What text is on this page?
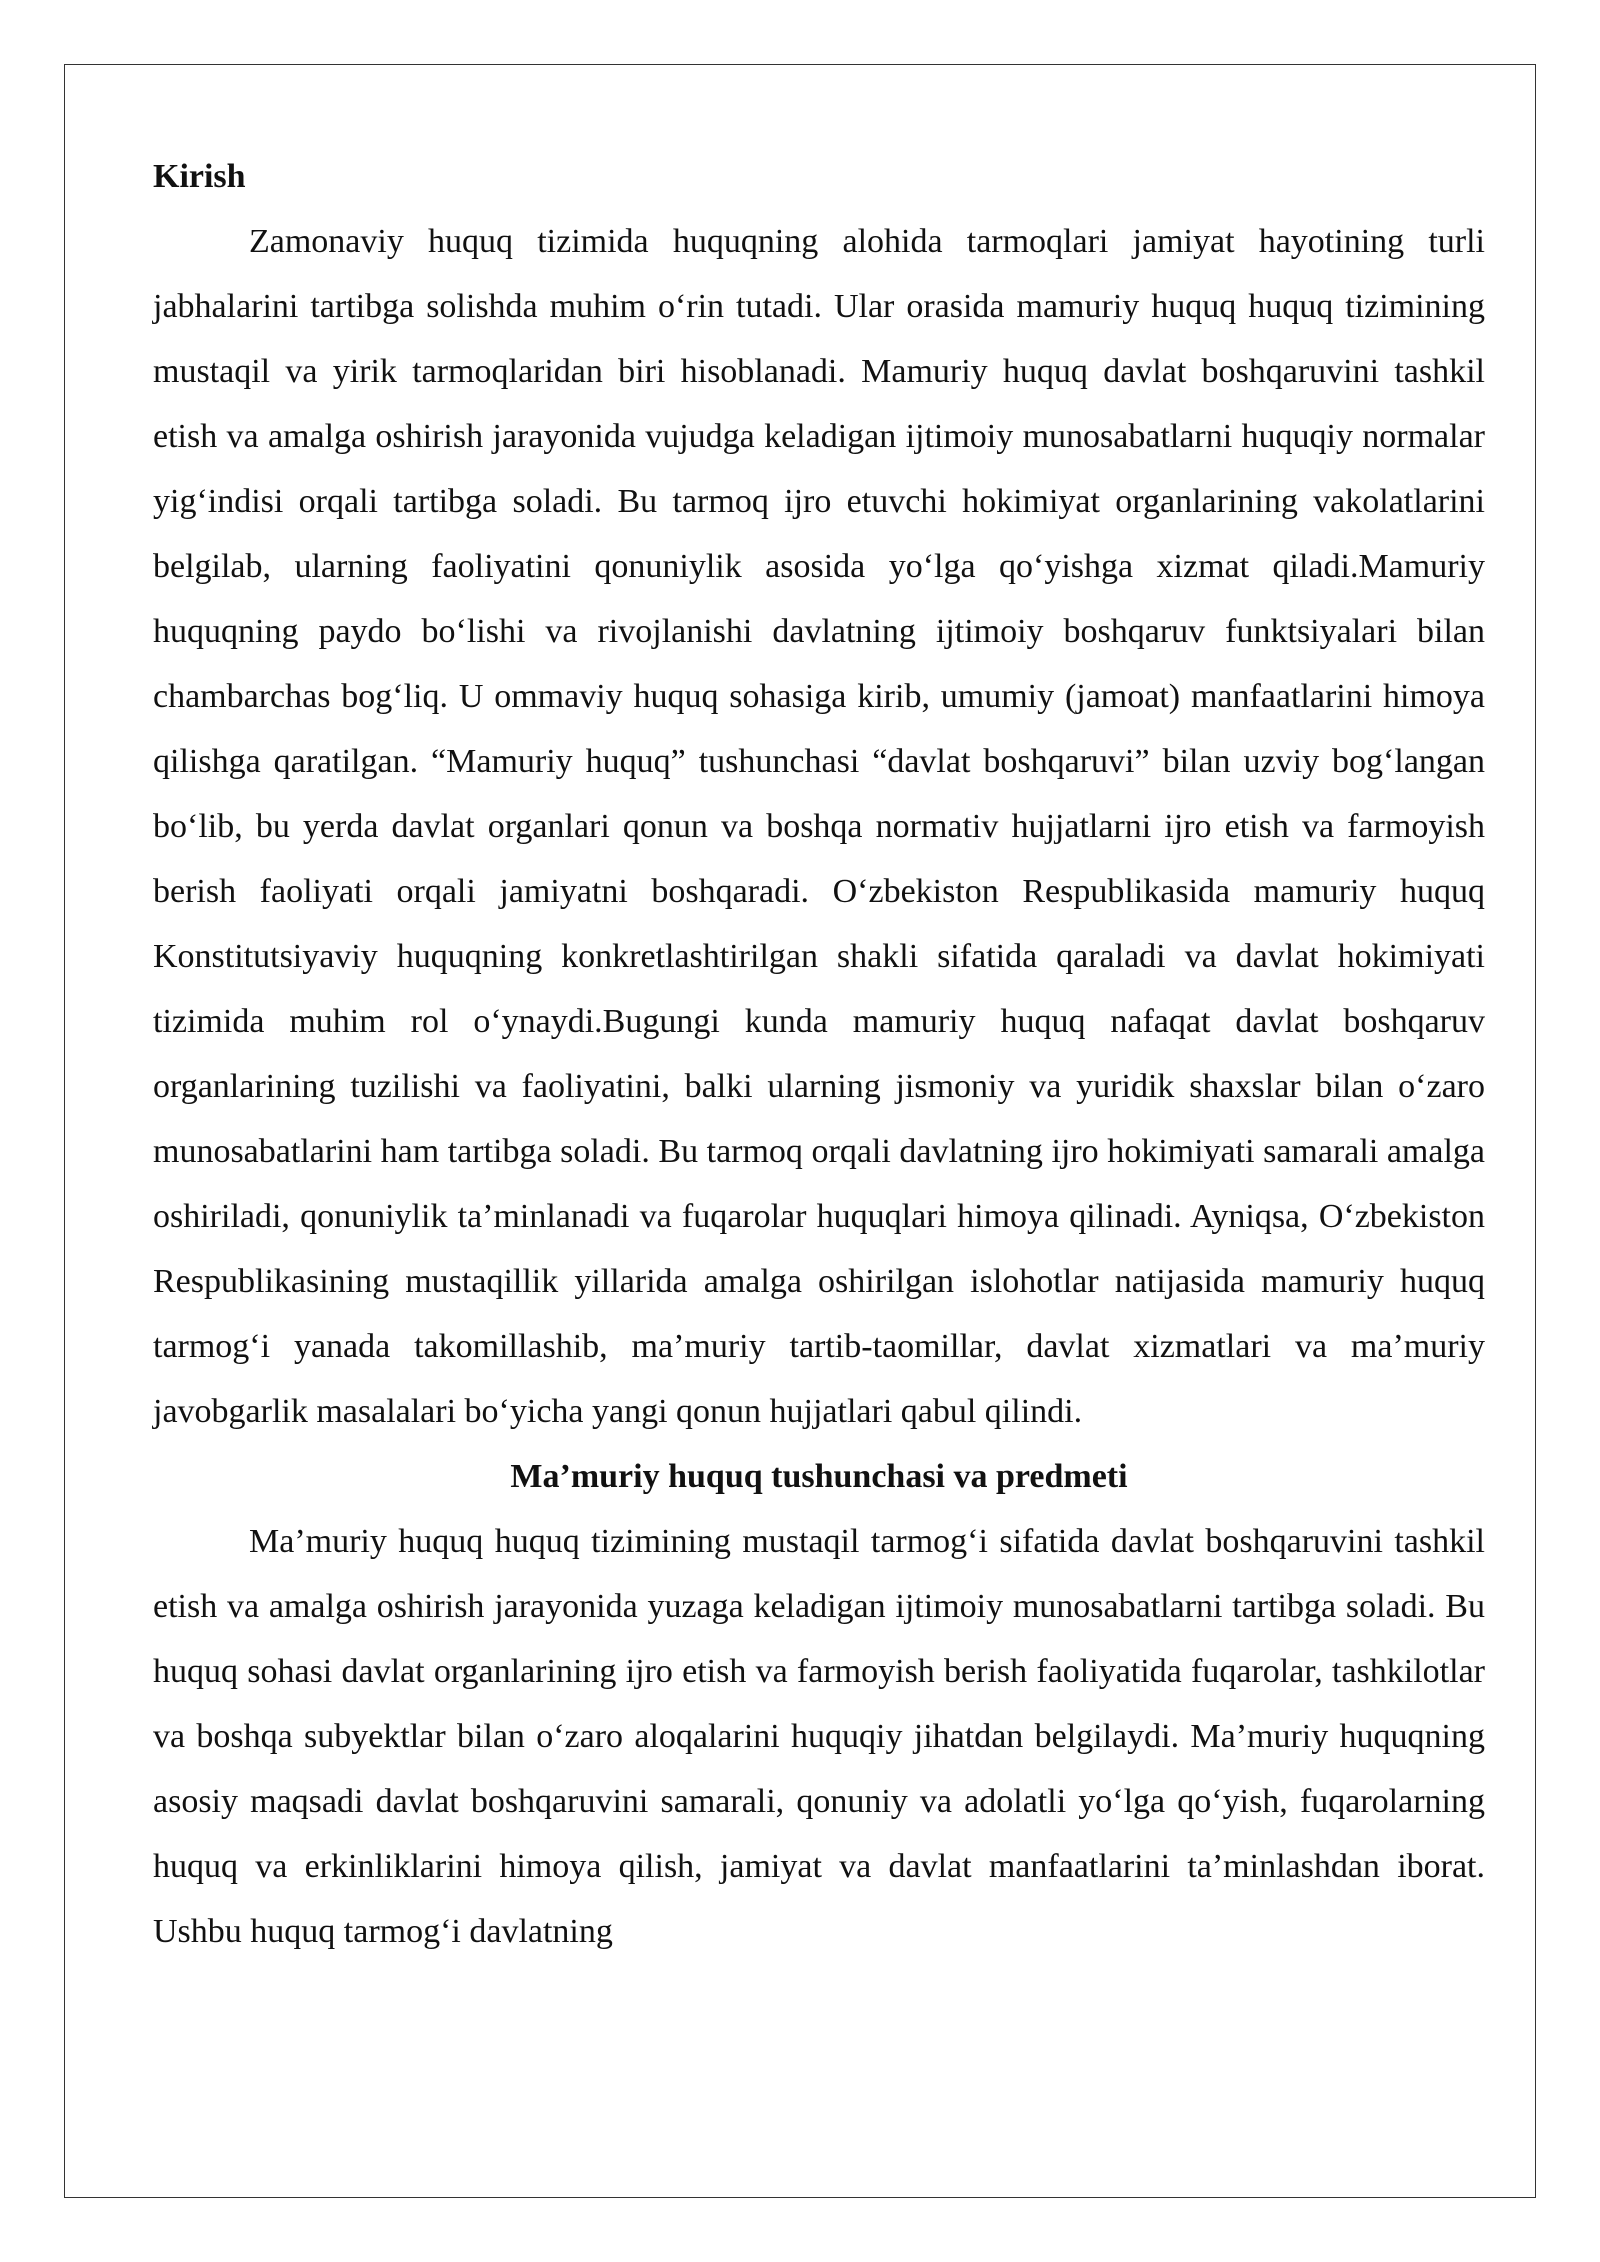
Kirish

Zamonaviy huquq tizimida huquqning alohida tarmoqlari jamiyat hayotining turli jabhalarini tartibga solishda muhim o‘rin tutadi. Ular orasida mamuriy huquq huquq tizimining mustaqil va yirik tarmoqlaridan biri hisoblanadi. Mamuriy huquq davlat boshqaruvini tashkil etish va amalga oshirish jarayonida vujudga keladigan ijtimoiy munosabatlarni huquqiy normalar yig‘indisi orqali tartibga soladi. Bu tarmoq ijro etuvchi hokimiyat organlarining vakolatlarini belgilab, ularning faoliyatini qonuniylik asosida yo‘lga qo‘yishga xizmat qiladi.Mamuriy huquqning paydo bo‘lishi va rivojlanishi davlatning ijtimoiy boshqaruv funktsiyalari bilan chambarchas bog‘liq. U ommaviy huquq sohasiga kirib, umumiy (jamoat) manfaatlarini himoya qilishga qaratilgan. “Mamuriy huquq” tushunchasi “davlat boshqaruvi” bilan uzviy bog‘langan bo‘lib, bu yerda davlat organlari qonun va boshqa normativ hujjatlarni ijro etish va farmoyish berish faoliyati orqali jamiyatni boshqaradi. O‘zbekiston Respublikasida mamuriy huquq Konstitutsiyaviy huquqning konkretlashtirilgan shakli sifatida qaraladi va davlat hokimiyati tizimida muhim rol o‘ynaydi.Bugungi kunda mamuriy huquq nafaqat davlat boshqaruv organlarining tuzilishi va faoliyatini, balki ularning jismoniy va yuridik shaxslar bilan o‘zaro munosabatlarini ham tartibga soladi. Bu tarmoq orqali davlatning ijro hokimiyati samarali amalga oshiriladi, qonuniylik ta’minlanadi va fuqarolar huquqlari himoya qilinadi. Ayniqsa, O‘zbekiston Respublikasining mustaqillik yillarida amalga oshirilgan islohotlar natijasida mamuriy huquq tarmog‘i yanada takomillashib, ma’muriy tartib-taomillar, davlat xizmatlari va ma’muriy javobgarlik masalalari bo‘yicha yangi qonun hujjatlari qabul qilindi.

Ma’muriy huquq tushunchasi va predmeti

Ma’muriy huquq huquq tizimining mustaqil tarmog‘i sifatida davlat boshqaruvini tashkil etish va amalga oshirish jarayonida yuzaga keladigan ijtimoiy munosabatlarni tartibga soladi. Bu huquq sohasi davlat organlarining ijro etish va farmoyish berish faoliyatida fuqarolar, tashkilotlar va boshqa subyektlar bilan o‘zaro aloqalarini huquqiy jihatdan belgilaydi. Ma’muriy huquqning asosiy maqsadi davlat boshqaruvini samarali, qonuniy va adolatli yo‘lga qo‘yish, fuqarolarning huquq va erkinliklarini himoya qilish, jamiyat va davlat manfaatlarini ta’minlashdan iborat. Ushbu huquq tarmog‘i davlatning
